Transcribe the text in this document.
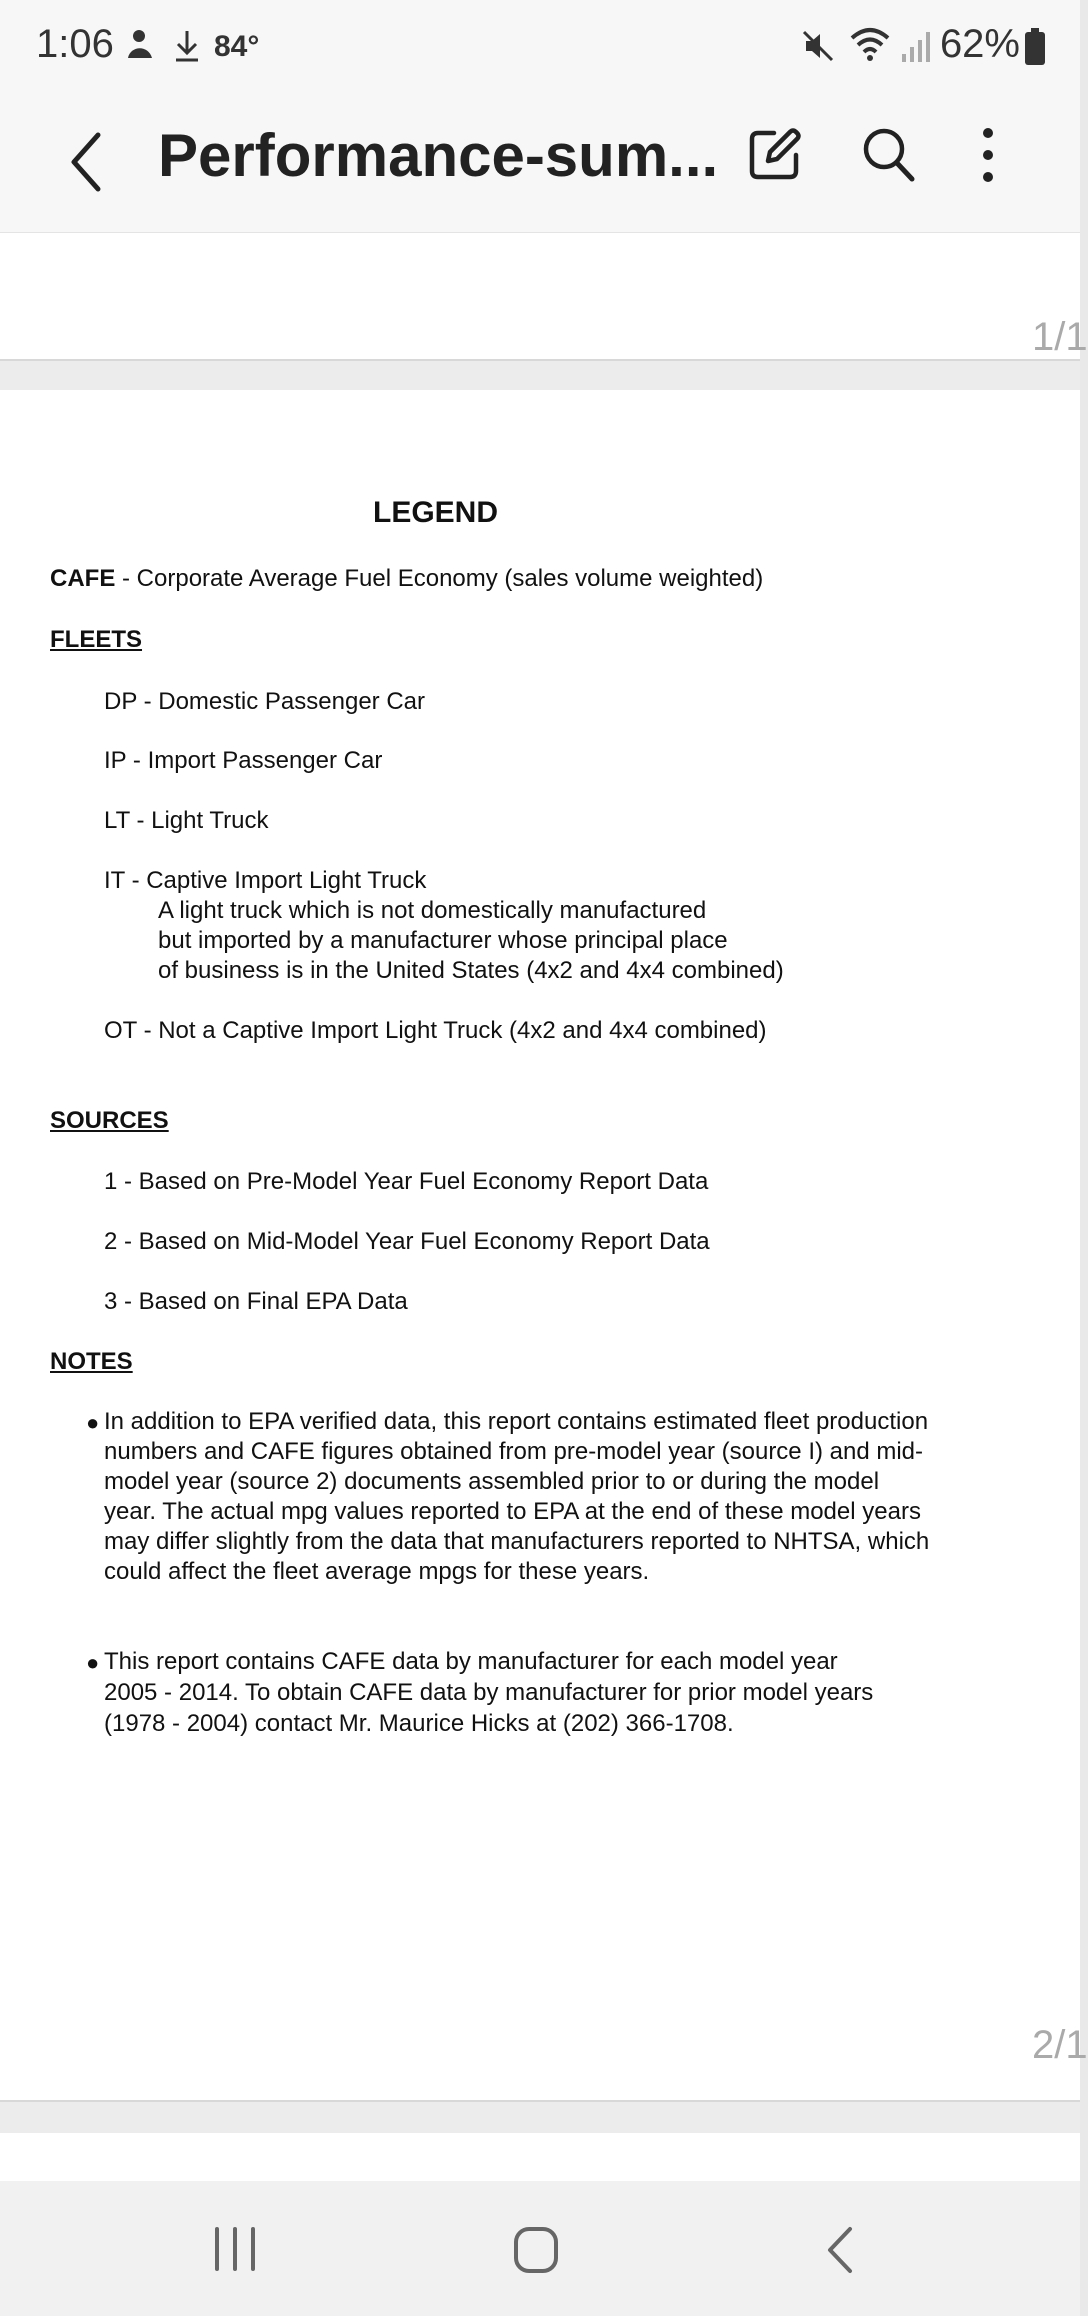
1:06	84°	62%
Performance-sum...
1/1
LEGEND
CAFE - Corporate Average Fuel Economy (sales volume weighted)
FLEETS
DP - Domestic Passenger Car
IP - Import Passenger Car
LT - Light Truck
IT - Captive Import Light Truck
A light truck which is not domestically manufactured
but imported by a manufacturer whose principal place
of business is in the United States (4x2 and 4x4 combined)
OT - Not a Captive Import Light Truck (4x2 and 4x4 combined)
SOURCES
1 - Based on Pre-Model Year Fuel Economy Report Data
2 - Based on Mid-Model Year Fuel Economy Report Data
3 - Based on Final EPA Data
NOTES
● In addition to EPA verified data, this report contains estimated fleet production
numbers and CAFE figures obtained from pre-model year (source I) and mid-
model year (source 2) documents assembled prior to or during the model
year. The actual mpg values reported to EPA at the end of these model years
may differ slightly from the data that manufacturers reported to NHTSA, which
could affect the fleet average mpgs for these years.
● This report contains CAFE data by manufacturer for each model year
2005 - 2014. To obtain CAFE data by manufacturer for prior model years
(1978 - 2004) contact Mr. Maurice Hicks at (202) 366-1708.
2/1
